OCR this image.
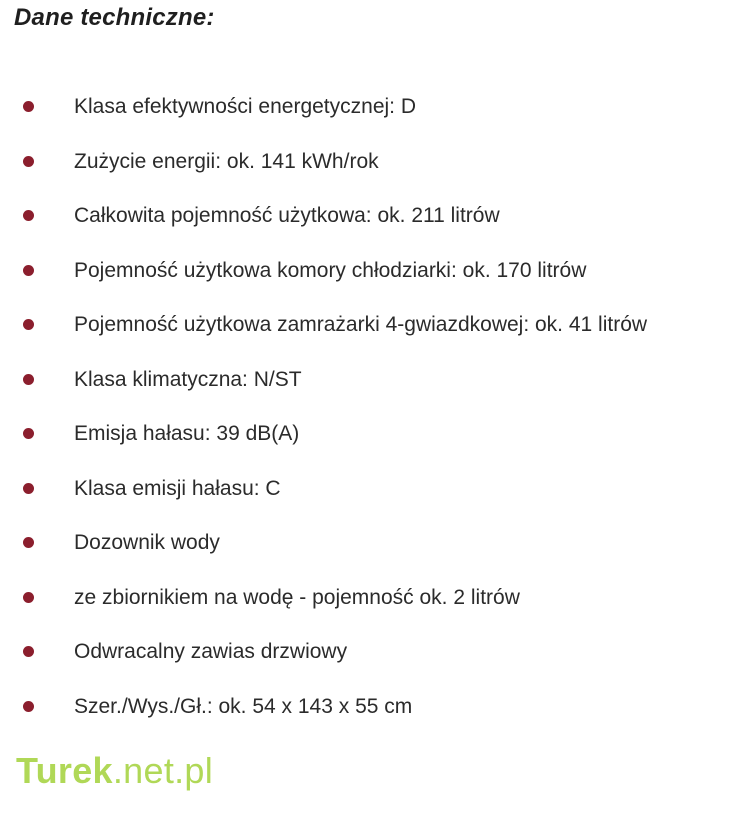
Dane techniczne:
Klasa efektywności energetycznej: D
Zużycie energii: ok. 141 kWh/rok
Całkowita pojemność użytkowa: ok. 211 litrów
Pojemność użytkowa komory chłodziarki: ok. 170 litrów
Pojemność użytkowa zamrażarki 4-gwiazdkowej: ok. 41 litrów
Klasa klimatyczna: N/ST
Emisja hałasu: 39 dB(A)
Klasa emisji hałasu: C
Dozownik wody
ze zbiornikiem na wodę - pojemność ok. 2 litrów
Odwracalny zawias drzwiowy
Szer./Wys./Gł.: ok. 54 x 143 x 55 cm
Turek.net.pl
